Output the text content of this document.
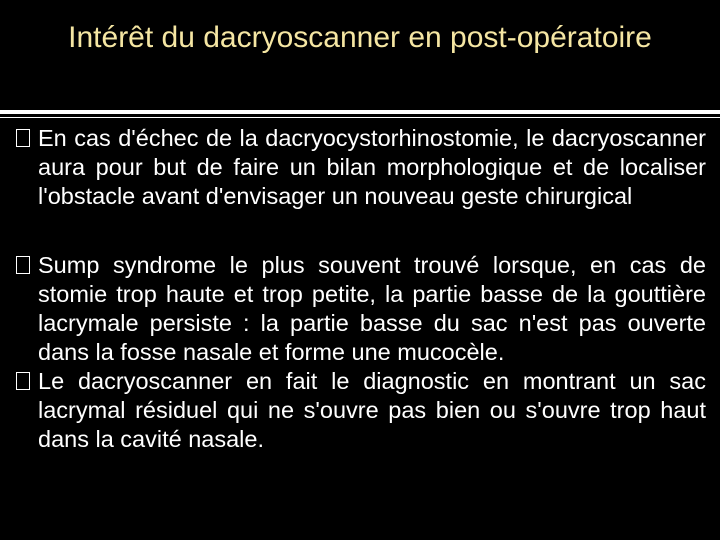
Intérêt du dacryoscanner en post-opératoire
En cas d'échec de la dacryocystorhinostomie, le dacryoscanner aura pour but de faire un bilan morphologique et de localiser l'obstacle avant d'envisager un nouveau geste chirurgical
Sump syndrome le plus souvent trouvé lorsque, en cas de stomie trop haute et trop petite, la partie basse de la gouttière lacrymale persiste : la partie basse du sac n'est pas ouverte dans la fosse nasale et forme une mucocèle.
Le dacryoscanner en fait le diagnostic en montrant un sac lacrymal résiduel qui ne s'ouvre pas bien ou s'ouvre trop haut dans la cavité nasale.
